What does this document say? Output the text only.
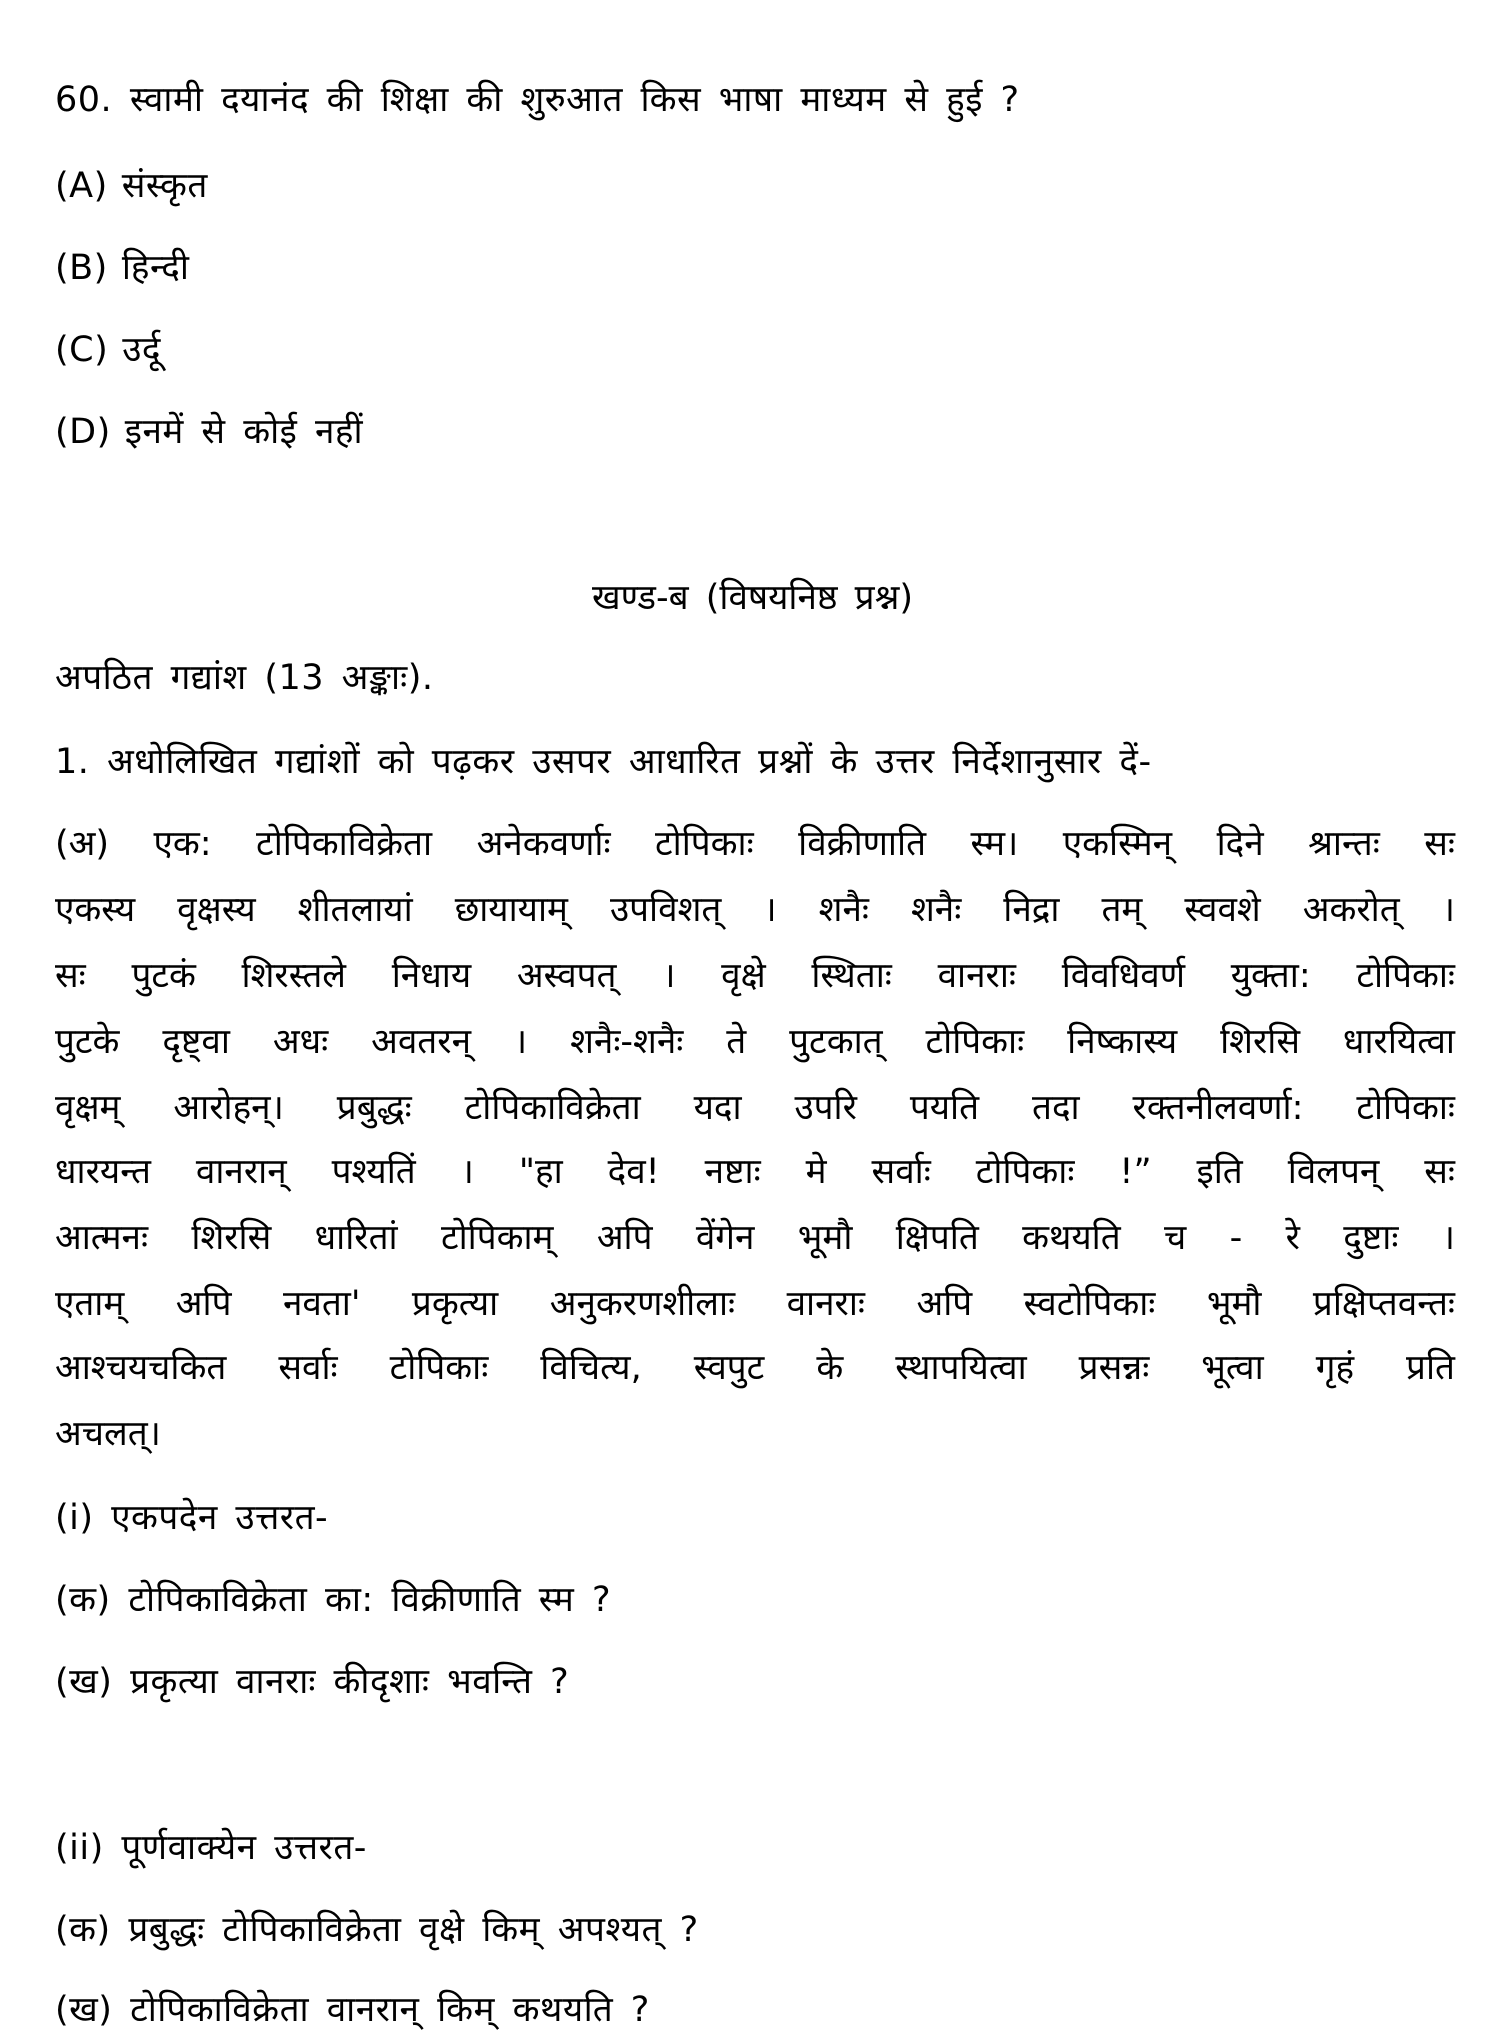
60. स्वामी दयानंद की शिक्षा की शुरुआत किस भाषा माध्यम से हुई ?
(A) संस्कृत
(B) हिन्दी
(C) उर्दू
(D) इनमें से कोई नहीं
खण्ड-ब (विषयनिष्ठ प्रश्न)
अपठित गद्यांश (13 अङ्काः).
1. अधोलिखित गद्यांशों को पढ़कर उसपर आधारित प्रश्नों के उत्तर निर्देशानुसार दें-
(अ) एक: टोपिकाविक्रेता अनेकवर्णाः टोपिकाः विक्रीणाति स्म। एकस्मिन् दिने श्रान्तः सः
एकस्य वृक्षस्य शीतलायां छायायाम् उपविशत् । शनैः शनैः निद्रा तम् स्ववशे अकरोत् ।
सः पुटकं शिरस्तले निधाय अस्वपत् । वृक्षे स्थिताः वानराः विवधिवर्ण युक्ता: टोपिकाः
पुटके दृष्ट्वा अधः अवतरन् । शनैः-शनैः ते पुटकात् टोपिकाः निष्कास्य शिरसि धारयित्वा
वृक्षम् आरोहन्। प्रबुद्धः टोपिकाविक्रेता यदा उपरि पयति तदा रक्तनीलवर्णा: टोपिकाः
धारयन्त वानरान् पश्यतिं । "हा देव! नष्टाः मे सर्वाः टोपिकाः !” इति विलपन् सः
आत्मनः शिरसि धारितां टोपिकाम् अपि वेंगेन भूमौ क्षिपति कथयति च - रे दुष्टाः ।
एताम् अपि नवता' प्रकृत्या अनुकरणशीलाः वानराः अपि स्वटोपिकाः भूमौ प्रक्षिप्तवन्तः
आश्चयचकित सर्वाः टोपिकाः विचित्य, स्वपुट के स्थापयित्वा प्रसन्नः भूत्वा गृहं प्रति
अचलत्।
(i) एकपदेन उत्तरत-
(क) टोपिकाविक्रेता का: विक्रीणाति स्म ?
(ख) प्रकृत्या वानराः कीदृशाः भवन्ति ?
(ii) पूर्णवाक्येन उत्तरत-
(क) प्रबुद्धः टोपिकाविक्रेता वृक्षे किम् अपश्यत् ?
(ख) टोपिकाविक्रेता वानरान् किम् कथयति ?
